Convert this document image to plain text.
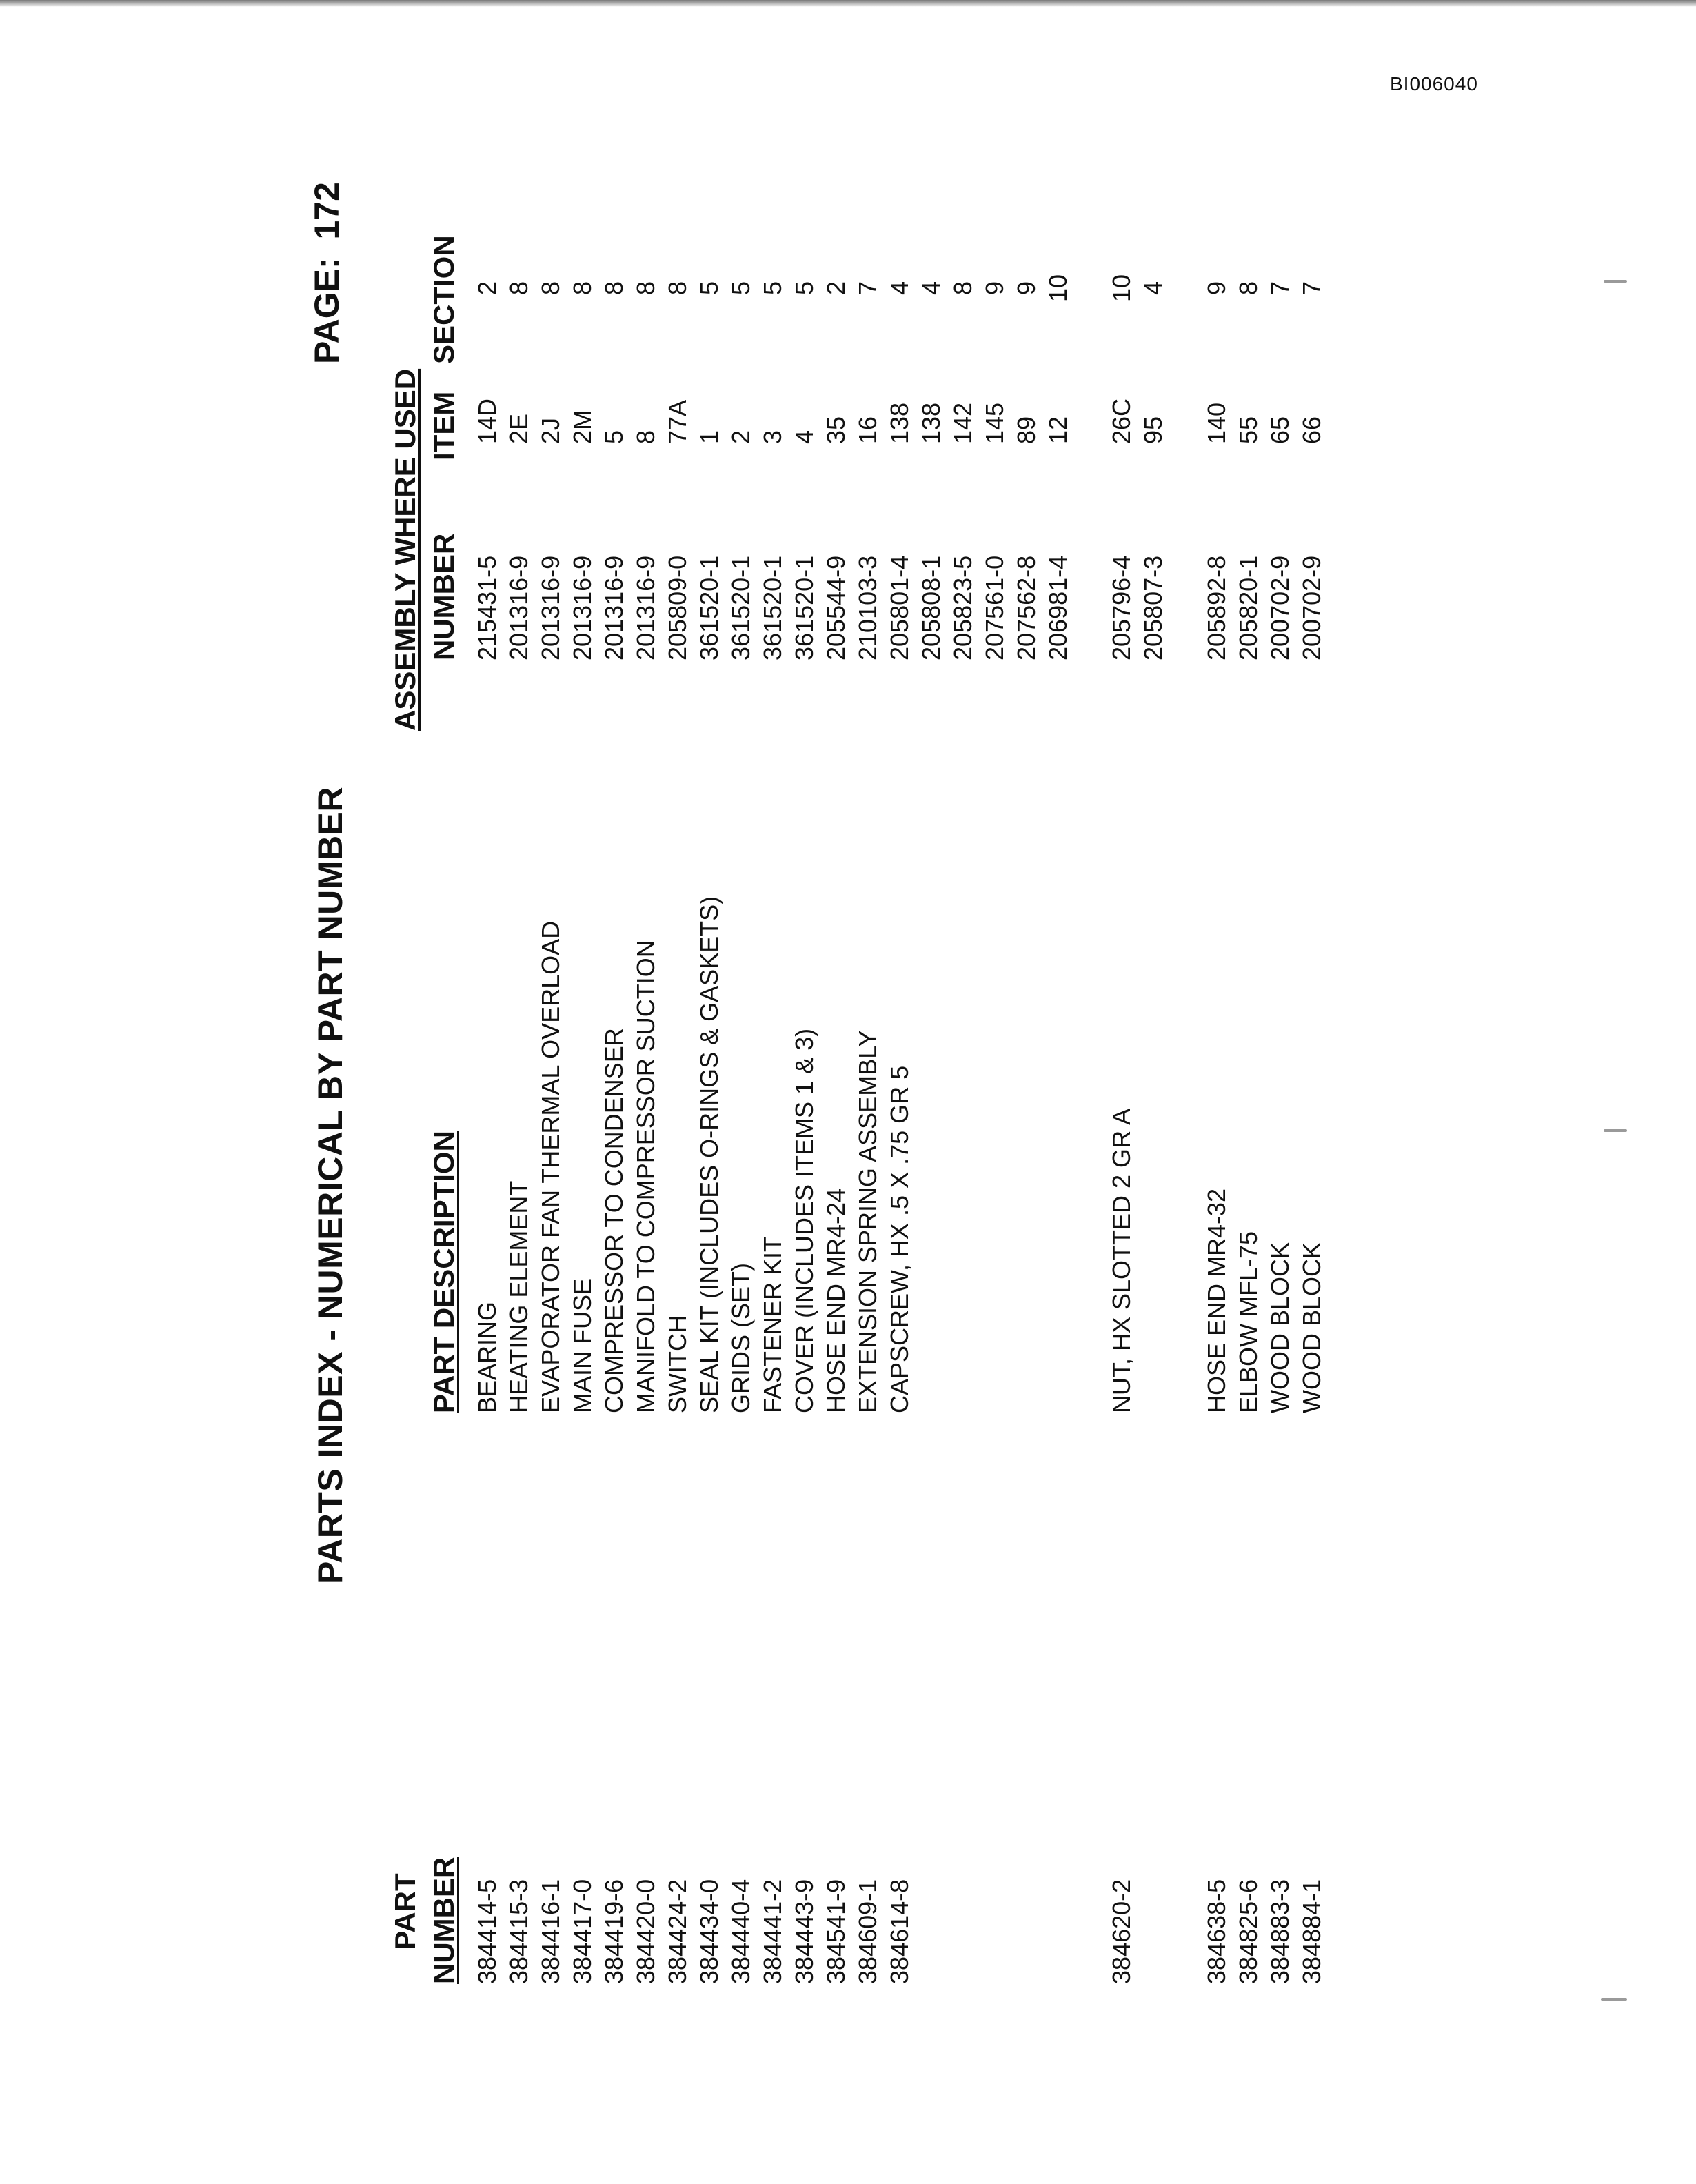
BI006040
PARTS INDEX - NUMERICAL BY PART NUMBER
PAGE: 172
PART NUMBER
PART DESCRIPTION
ASSEMBLY WHERE USED NUMBER
ITEM
SECTION
384414-5
BEARING
215431-5
14D
2
384415-3
HEATING ELEMENT
201316-9
2E
8
384416-1
EVAPORATOR FAN THERMAL OVERLOAD
201316-9
2J
8
384417-0
MAIN FUSE
201316-9
2M
8
384419-6
COMPRESSOR TO CONDENSER
201316-9
5
8
384420-0
MANIFOLD TO COMPRESSOR SUCTION
201316-9
8
8
384424-2
SWITCH
205809-0
77A
8
384434-0
SEAL KIT (INCLUDES O-RINGS & GASKETS)
361520-1
1
5
384440-4
GRIDS (SET)
361520-1
2
5
384441-2
FASTENER KIT
361520-1
3
5
384443-9
COVER (INCLUDES ITEMS 1 & 3)
361520-1
4
5
384541-9
HOSE END MR4-24
205544-9
35
2
384609-1
EXTENSION SPRING ASSEMBLY
210103-3
16
7
384614-8
CAPSCREW, HX .5 X .75 GR 5
205801-4
138
4
205808-1
138
4
205823-5
142
8
207561-0
145
9
207562-8
89
9
206981-4
12
10
384620-2
NUT, HX SLOTTED 2 GR A
205796-4
26C
10
205807-3
95
4
384638-5
HOSE END MR4-32
205892-8
140
9
384825-6
ELBOW MFL-75
205820-1
55
8
384883-3
WOOD BLOCK
200702-9
65
7
384884-1
WOOD BLOCK
200702-9
66
7
